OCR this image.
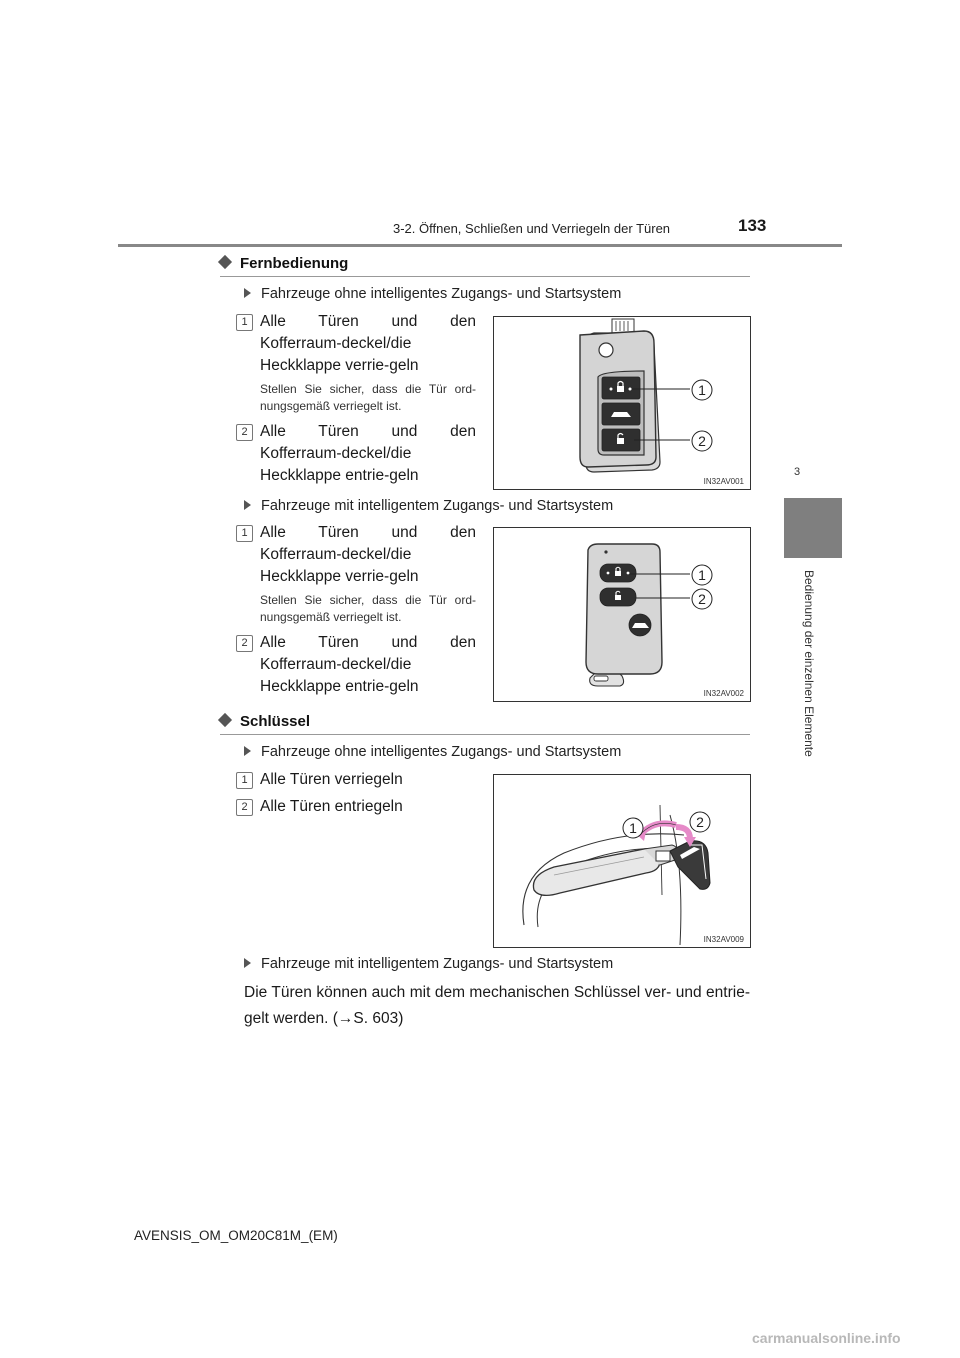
3-2. Öffnen, Schließen und Verriegeln der Türen	133
3
Bedienung der einzelnen Elemente
Fernbedienung
Fahrzeuge ohne intelligentes Zugangs- und Startsystem
1 Alle Türen und den Kofferraum-deckel/die Heckklappe verrie-geln
Stellen Sie sicher, dass die Tür ord-nungsgemäß verriegelt ist.
2 Alle Türen und den Kofferraum-deckel/die Heckklappe entrie-geln
1
2
IN32AV001
Fahrzeuge mit intelligentem Zugangs- und Startsystem
1 Alle Türen und den Kofferraum-deckel/die Heckklappe verrie-geln
Stellen Sie sicher, dass die Tür ord-nungsgemäß verriegelt ist.
2 Alle Türen und den Kofferraum-deckel/die Heckklappe entrie-geln
1
2
IN32AV002
Schlüssel
Fahrzeuge ohne intelligentes Zugangs- und Startsystem
1 Alle Türen verriegeln
2 Alle Türen entriegeln
1	2
IN32AV009
Fahrzeuge mit intelligentem Zugangs- und Startsystem
Die Türen können auch mit dem mechanischen Schlüssel ver- und entrie-gelt werden. (→S. 603)
AVENSIS_OM_OM20C81M_(EM)
carmanualsonline.info
